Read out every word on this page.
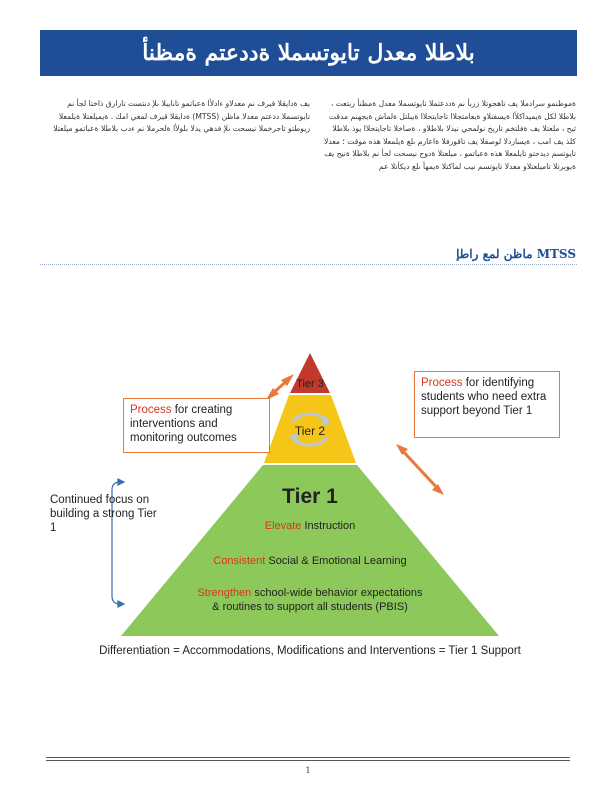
بلاطلا معدل تايوتسملا ةددعتم ةمظنأ
ةموظنمو سرادملا يف تاهجوتلا زربأ نم ةددعتملا تايوتسملا معدل ةمظنأ ربتعت ، بلاطلا لكل ةيميداكلأا ةيسفنلاو ةيعامتجلاا تاجايتحلاا ةيبلتل ةلماش ةيجهنم مدقت ثيح ، ملعتلا يف ةفلتخم تاربخ نولمحي نيذلا بلاطلاو ، ةصاخلا تاجايتحلاا يوذ بلاطلا كلذ يف امب ، ةيساردلا لوصفلا يف تاقورفلا ةاعارم ىلع ةيلمعلا هذه موقت ؛ معدلا تايوتسم ديدحتو تايلمعلا هذه ةعباتمو ، ميلعتلا ةدوج نيسحت لجأ نم بلاطلا ةنيح يف ةيوبرتلا تاميلعتلاو معدلا تايوتسم نيب لماكتلا ةيمهأ ىلع ديكأتلا عم
يف ةدايقلا قيرف نم معدلاو ءادلأا ةعباتمو تانايبلا ىلإ دنتست تارارق ذاختا لجأ نم تايوتسملا ددعتم معدلا ماظن (MTSS) ةدايقلا قيرف لمعي امك . ةيميلعتلا ةيلمعلا ريوطتو تاجرخملا نيسحت ىلإ فدهي يذلا ىلولأا ةلحرملا نم ءدب بلاطلا ةعباتمو ميلعتلا
MTSS ماظن لمع راطإ
Process for creating interventions and monitoring outcomes
Process for identifying students who need extra support beyond Tier 1
Continued focus on building a strong Tier 1
Tier 3
Tier 2
Tier 1
Elevate Instruction
Consistent Social & Emotional Learning
Strengthen school-wide behavior expectations
& routines to support all students (PBIS)
Differentiation = Accommodations, Modifications and Interventions = Tier 1 Support
1
